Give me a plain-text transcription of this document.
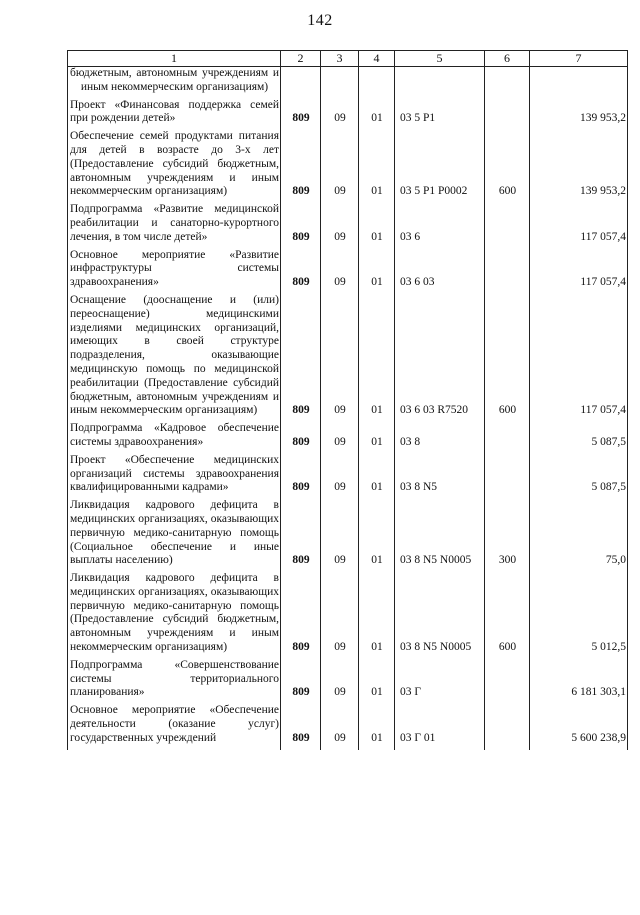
142
1	2	3	4	5	6	7
бюджетным, автономным учреждениям и иным некоммерческим организациям)						
Проект «Финансовая поддержка семей при рождении детей»	809	09	01	03 5 P1		139 953,2
Обеспечение семей продуктами питания для детей в возрасте до 3-х лет (Предоставление субсидий бюджетным, автономным учреждениям и иным некоммерческим организациям)	809	09	01	03 5 P1 P0002	600	139 953,2
Подпрограмма «Развитие медицинской реабилитации и санаторно-курортного лечения, в том числе детей»	809	09	01	03 6		117 057,4
Основное мероприятие «Развитие инфраструктуры системы здравоохранения»	809	09	01	03 6 03		117 057,4
Оснащение (дооснащение и (или) переоснащение) медицинскими изделиями медицинских организаций, имеющих в своей структуре подразделения, оказывающие медицинскую помощь по медицинской реабилитации (Предоставление субсидий бюджетным, автономным учреждениям и иным некоммерческим организациям)	809	09	01	03 6 03 R7520	600	117 057,4
Подпрограмма «Кадровое обеспечение системы здравоохранения»	809	09	01	03 8		5 087,5
Проект «Обеспечение медицинских организаций системы здравоохранения квалифицированными кадрами»	809	09	01	03 8 N5		5 087,5
Ликвидация кадрового дефицита в медицинских организациях, оказывающих первичную медико-санитарную помощь (Социальное обеспечение и иные выплаты населению)	809	09	01	03 8 N5 N0005	300	75,0
Ликвидация кадрового дефицита в медицинских организациях, оказывающих первичную медико-санитарную помощь (Предоставление субсидий бюджетным, автономным учреждениям и иным некоммерческим организациям)	809	09	01	03 8 N5 N0005	600	5 012,5
Подпрограмма «Совершенствование системы территориального планирования»	809	09	01	03 Г		6 181 303,1
Основное мероприятие «Обеспечение деятельности (оказание услуг) государственных учреждений	809	09	01	03 Г 01		5 600 238,9
